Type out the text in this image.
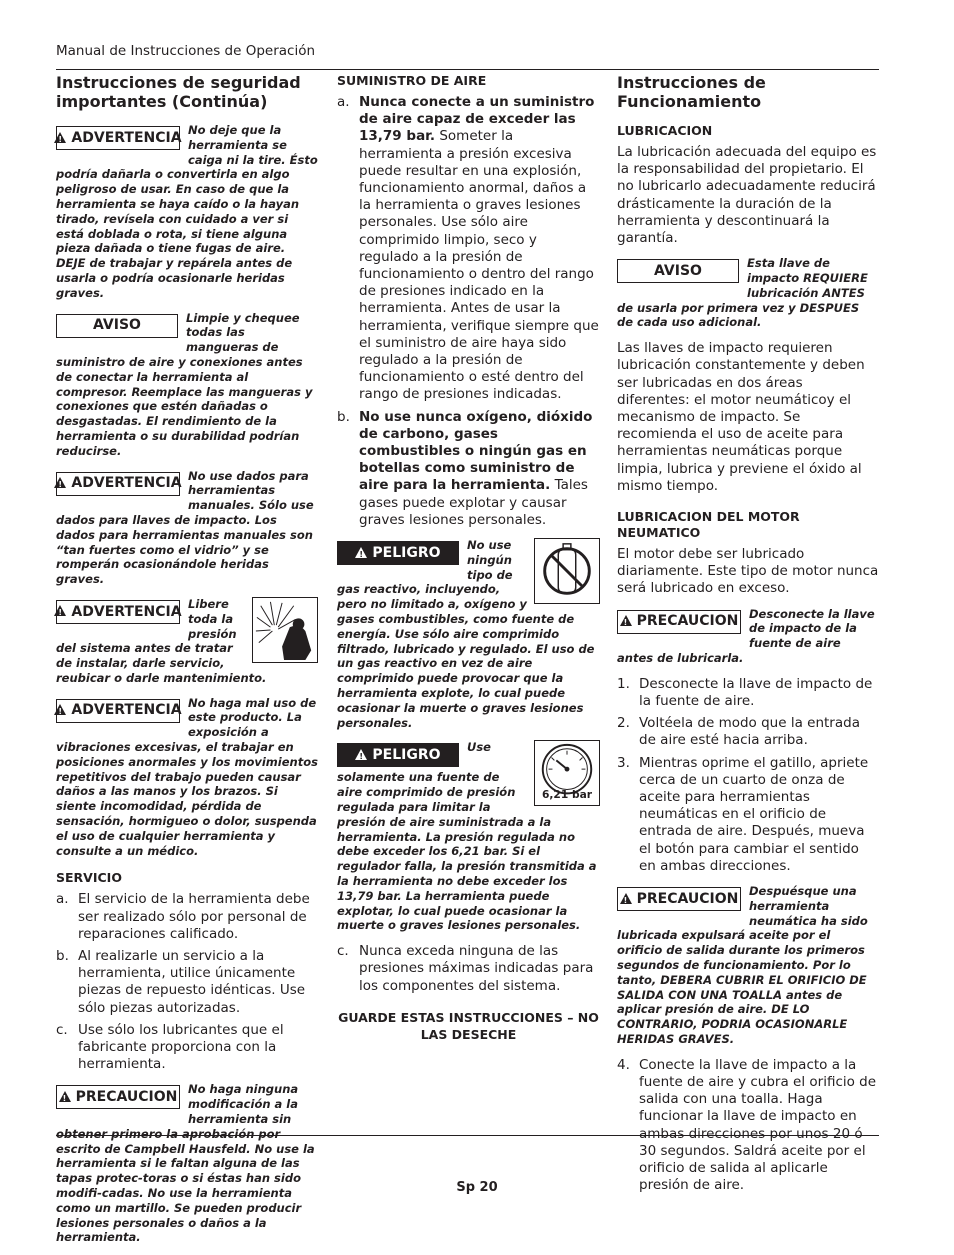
Manual de Instrucciones de Operación
Instrucciones de seguridad importantes (Continúa)
!
ADVERTENCIA No deje que la herramienta se caiga ni la tire. Ésto podría dañarla o convertirla en algo peligroso de usar. En caso de que la herramienta se haya caído o la hayan tirado, revísela con cuidado a ver si está doblada o rota, si tiene alguna pieza dañada o tiene fugas de aire. DEJE de trabajar y repárela antes de usarla o podría ocasionarle heridas graves.
AVISO	Limpie y chequee todas las mangueras de suministro de aire y conexiones antes de conectar la herramienta al compresor. Reemplace las mangueras y conexiones que estén dañadas o desgastadas. El rendimiento de la herramienta o su durabilidad podrían reducirse.
!
ADVERTENCIA No use dados para herramientas manuales. Sólo use dados para llaves de impacto. Los dados para herramientas manuales son “tan fuertes como el vidrio” y se romperán ocasionándole heridas graves.
!
ADVERTENCIA Libere toda la presión del sistema antes de tratar de instalar, darle servicio, reubicar o darle mantenimiento.
!
ADVERTENCIA No haga mal uso de este producto. La exposición a vibraciones excesivas, el trabajar en posiciones anormales y los movimientos repetitivos del trabajo pueden causar daños a las manos y los brazos. Si siente incomodidad, pérdida de sensación, hormigueo o dolor, suspenda el uso de cualquier herramienta y consulte a un médico.
SERVICIO
a. El servicio de la herramienta debe ser realizado sólo por personal de reparaciones calificado.
b. Al realizarle un servicio a la herramienta, utilice únicamente piezas de repuesto idénticas. Use sólo piezas autorizadas.
c. Use sólo los lubricantes que el fabricante proporciona con la herramienta.
!
PRECAUCION No haga ninguna modificación a la herramienta sin obtener primero la aprobación por escrito de Campbell Hausfeld. No use la herramienta si le faltan alguna de las tapas protec-toras o si éstas han sido modifi-cadas. No use la herramienta como un martillo. Se pueden producir lesiones personales o daños a la herramienta.
SUMINISTRO DE AIRE
a. Nunca conecte a un suministro de aire capaz de exceder las 13,79 bar. Someter la herramienta a presión excesiva puede resultar en una explosión, funcionamiento anormal, daños a la herramienta o graves lesiones personales. Use sólo aire comprimido limpio, seco y regulado a la presión de funcionamiento o dentro del rango de presiones indicado en la herramienta. Antes de usar la herramienta, verifique siempre que el suministro de aire haya sido regulado a la presión de funcionamiento o esté dentro del rango de presiones indicadas.
b. No use nunca oxígeno, dióxido de carbono, gases combustibles o ningún gas en botellas como suministro de aire para la herramienta. Tales gases puede explotar y causar graves lesiones personales.
!
PELIGRO No use ningún tipo de gas reactivo, incluyendo, pero no limitado a, oxígeno y gases combustibles, como fuente de energía. Use sólo aire comprimido filtrado, lubricado y regulado. El uso de un gas reactivo en vez de aire comprimido puede provocar que la herramienta explote, lo cual puede ocasionar la muerte o graves lesiones personales.
6,21 bar
!
PELIGRO Use solamente una fuente de aire comprimido de presión regulada para limitar la presión de aire suministrada a la herramienta. La presión regulada no debe exceder los 6,21 bar. Si el regulador falla, la presión transmitida a la herramienta no debe exceder los 13,79 bar. La herramienta puede explotar, lo cual puede ocasionar la muerte o graves lesiones personales.
c. Nunca exceda ninguna de las presiones máximas indicadas para los componentes del sistema.
GUARDE ESTAS INSTRUCCIONES – NO LAS DESECHE
Instrucciones de Funcionamiento
LUBRICACION

La lubricación adecuada del equipo es la responsabilidad del propietario. El no lubricarlo adecuadamente reducirá drásticamente la duración de la herramienta y descontinuará la garantía.

AVISO	Esta llave de impacto REQUIERE lubricación ANTES de usarla por primera vez y DESPUES de cada uso adicional.

Las llaves de impacto requieren lubricación constantemente y deben ser lubricadas en dos áreas diferentes: el motor neumáticoy el mecanismo de impacto. Se recomienda el uso de aceite para herramientas neumáticas porque limpia, lubrica y previene el óxido al mismo tiempo.

LUBRICACION DEL MOTOR NEUMATICO

El motor debe ser lubricado diariamente. Este tipo de motor nunca será lubricado en exceso.

!
PRECAUCION Desconecte la llave de impacto de la fuente de aire antes de lubricarla.
1. Desconecte la llave de impacto de la fuente de aire.
2. Voltéela de modo que la entrada de aire esté hacia arriba.
3. Mientras oprime el gatillo, apriete cerca de un cuarto de onza de aceite para herramientas neumáticas en el orificio de entrada de aire. Después, mueva el botón para cambiar el sentido en ambas direcciones.
!
PRECAUCION Despuésque una herramienta neumática ha sido lubricada expulsará aceite por el orificio de salida durante los primeros segundos de funcionamiento. Por lo tanto, DEBERA CUBRIR EL ORIFICIO DE SALIDA CON UNA TOALLA antes de aplicar presión de aire. DE LO CONTRARIO, PODRIA OCASIONARLE HERIDAS GRAVES.
4. Conecte la llave de impacto a la fuente de aire y cubra el orificio de salida con una toalla. Haga funcionar la llave de impacto en ambas direcciones por unos 20 ó 30 segundos. Saldrá aceite por el orificio de salida al aplicarle presión de aire.
Sp 20
